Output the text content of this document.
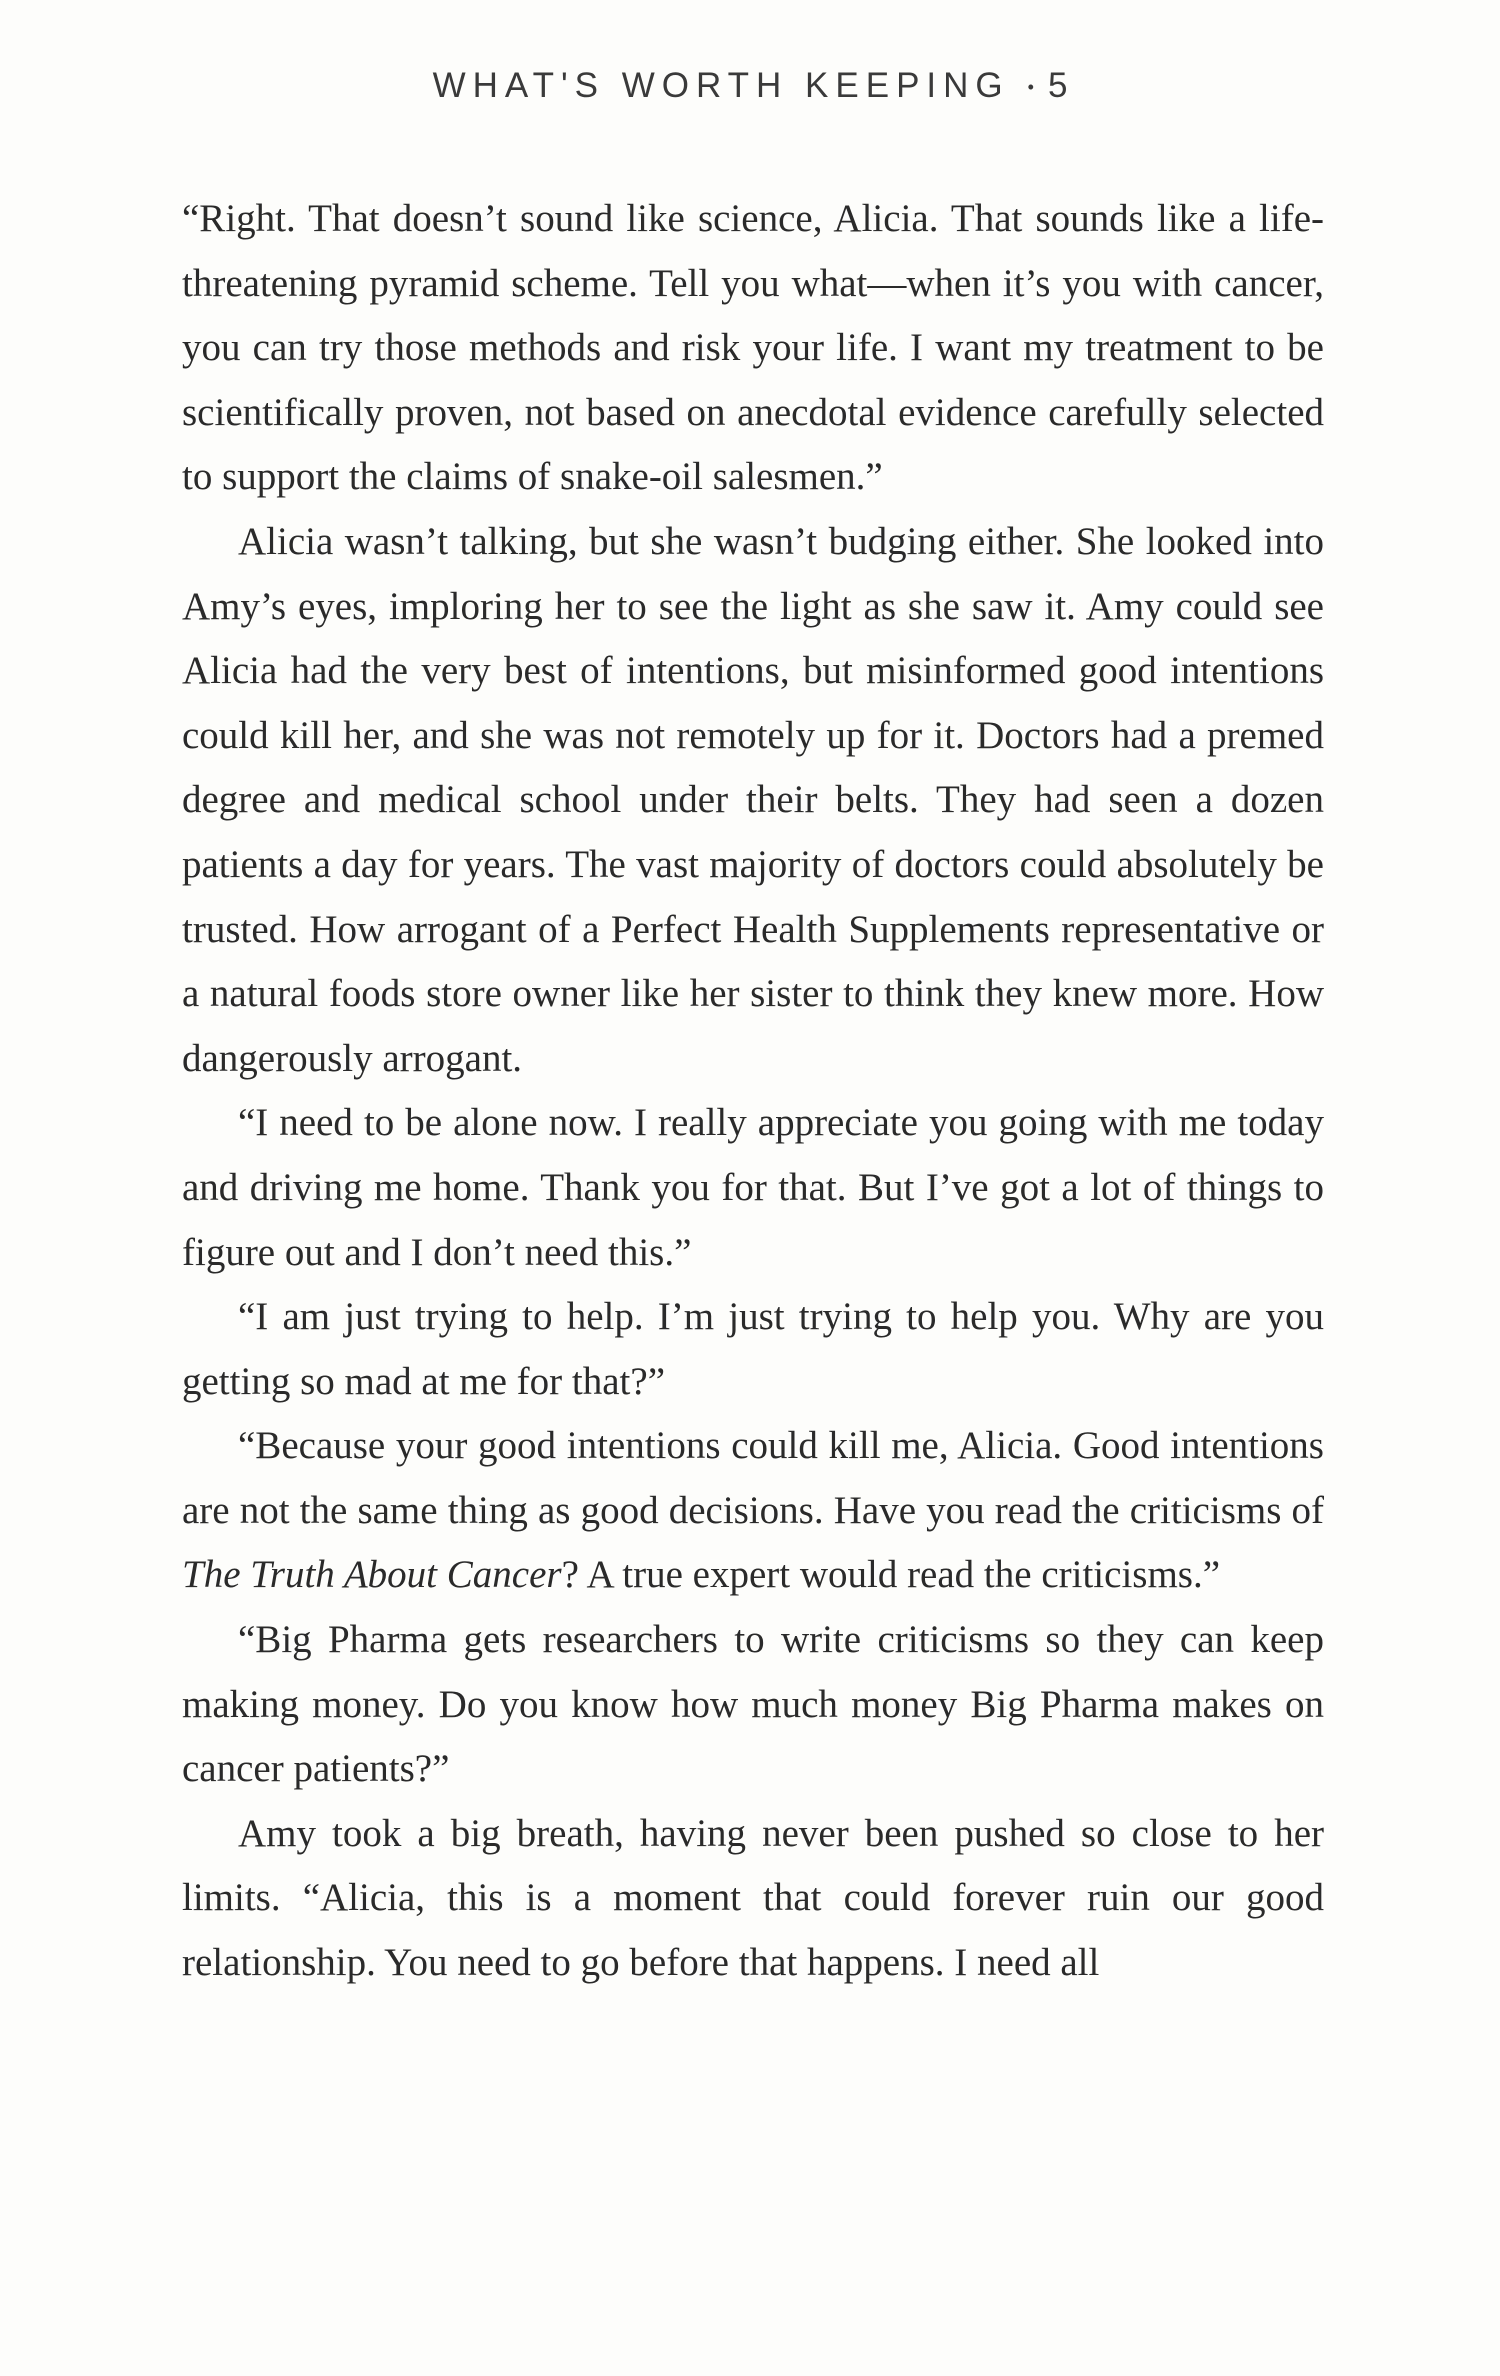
WHAT'S WORTH KEEPING • 5

“Right. That doesn’t sound like science, Alicia. That sounds like a life-threatening pyramid scheme. Tell you what—when it’s you with cancer, you can try those methods and risk your life. I want my treatment to be scientifically proven, not based on anecdotal evidence carefully selected to support the claims of snake-oil salesmen.”

Alicia wasn’t talking, but she wasn’t budging either. She looked into Amy’s eyes, imploring her to see the light as she saw it. Amy could see Alicia had the very best of intentions, but misinformed good intentions could kill her, and she was not remotely up for it. Doctors had a premed degree and medical school under their belts. They had seen a dozen patients a day for years. The vast majority of doctors could absolutely be trusted. How arrogant of a Perfect Health Supplements representative or a natural foods store owner like her sister to think they knew more. How dangerously arrogant.

“I need to be alone now. I really appreciate you going with me today and driving me home. Thank you for that. But I’ve got a lot of things to figure out and I don’t need this.”

“I am just trying to help. I’m just trying to help you. Why are you getting so mad at me for that?”

“Because your good intentions could kill me, Alicia. Good intentions are not the same thing as good decisions. Have you read the criticisms of The Truth About Cancer? A true expert would read the criticisms.”

“Big Pharma gets researchers to write criticisms so they can keep making money. Do you know how much money Big Pharma makes on cancer patients?”

Amy took a big breath, having never been pushed so close to her limits. “Alicia, this is a moment that could forever ruin our good relationship. You need to go before that happens. I need all
